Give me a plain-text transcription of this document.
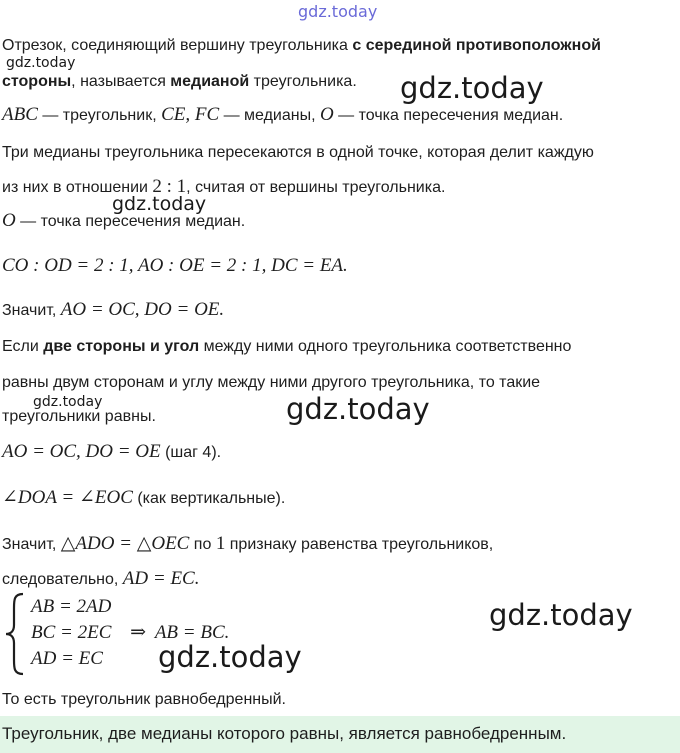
gdz.today
gdz.today
gdz.today
gdz.today
gdz.today	gdz.today
gdz.today
gdz.today
Отрезок, соединяющий вершину треугольника с серединой противоположной
стороны, называется медианой треугольника.
ABC — треугольник, CE, FC — медианы, O — точка пересечения медиан.
Три медианы треугольника пересекаются в одной точке, которая делит каждую
из них в отношении 2 : 1, считая от вершины треугольника.
O — точка пересечения медиан.
CO : OD = 2 : 1, AO : OE = 2 : 1, DC = EA.
Значит, AO = OC, DO = OE.
Если две стороны и угол между ними одного треугольника соответственно
равны двум сторонам и углу между ними другого треугольника, то такие
треугольники равны.
AO = OC, DO = OE (шаг 4).
∠DOA = ∠EOC (как вертикальные).
Значит, △ADO = △OEC по 1 признаку равенства треугольников,
следовательно, AD = EC.
AB = 2AD
BC = 2EC ⇒ AB = BC.
AD = EC
То есть треугольник равнобедренный.
Треугольник, две медианы которого равны, является равнобедренным.
